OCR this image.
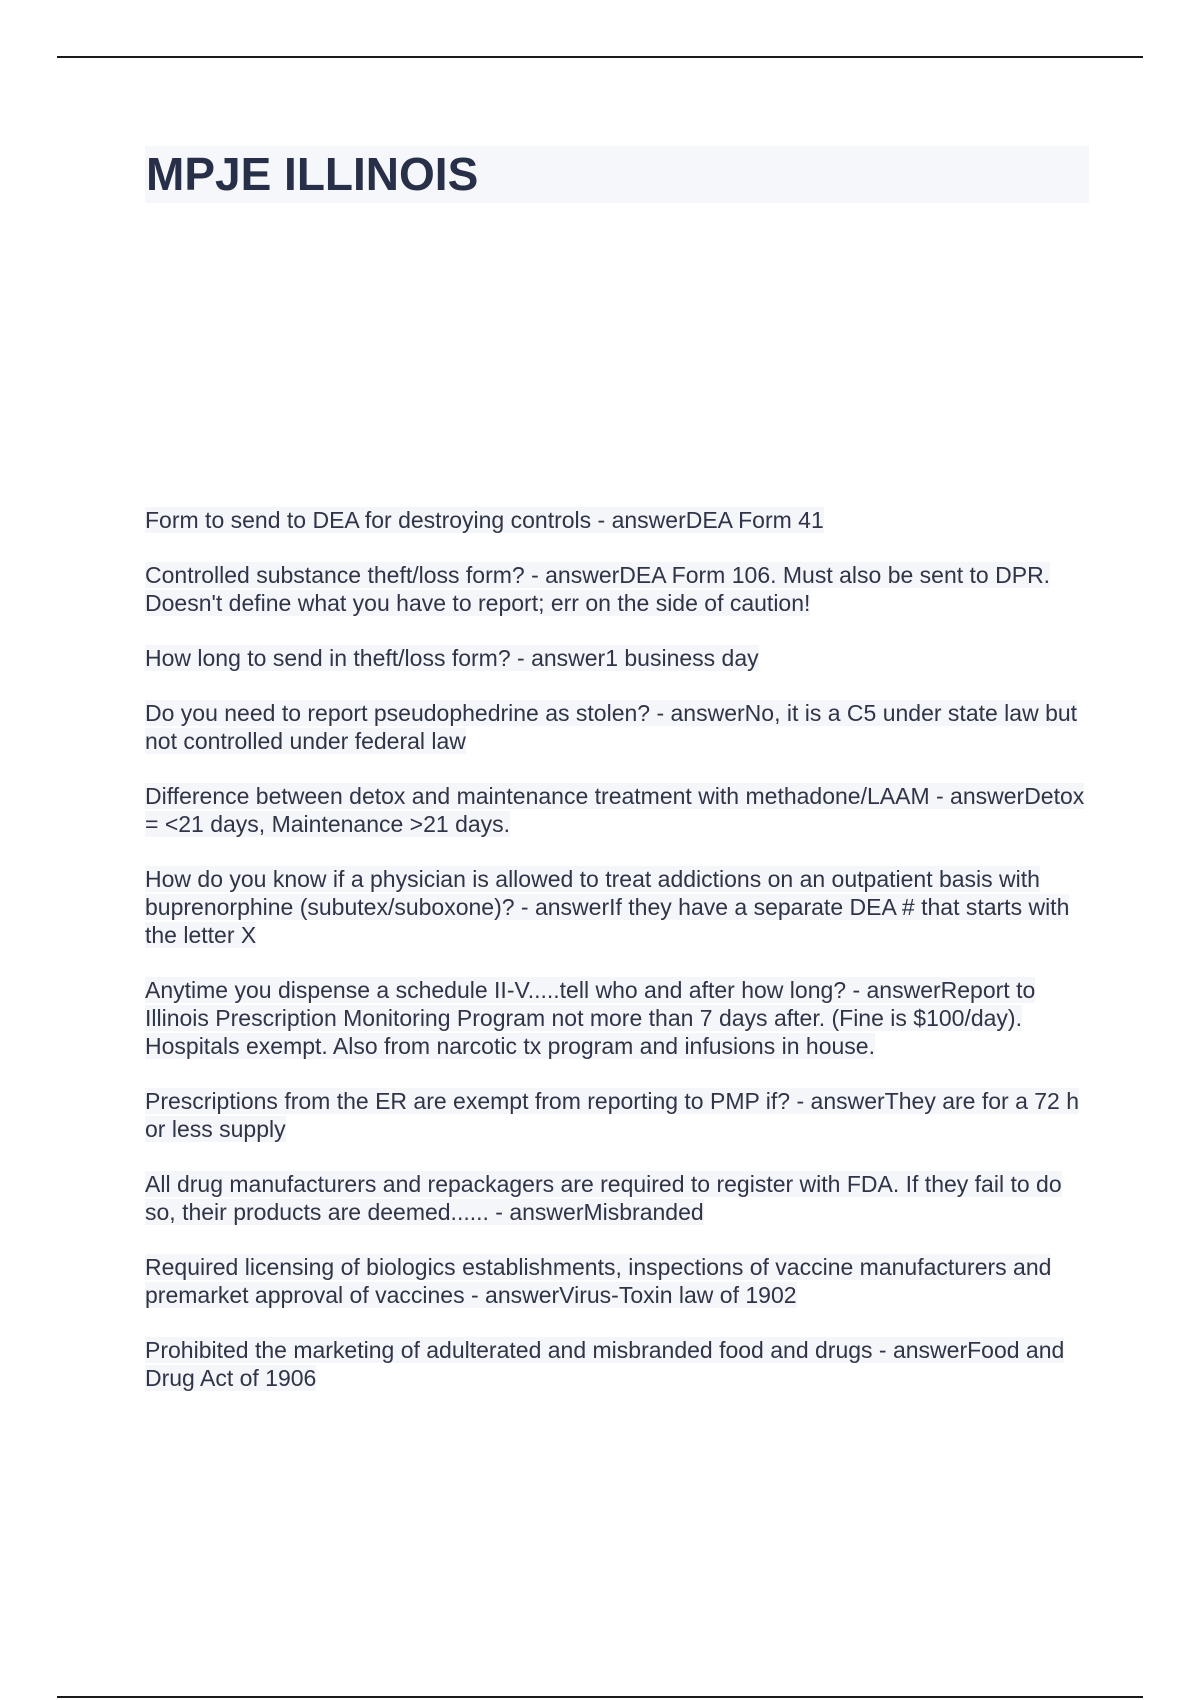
MPJE ILLINOIS

Form to send to DEA for destroying controls - answerDEA Form 41

Controlled substance theft/loss form? - answerDEA Form 106. Must also be sent to DPR. Doesn't define what you have to report; err on the side of caution!

How long to send in theft/loss form? - answer1 business day

Do you need to report pseudophedrine as stolen? - answerNo, it is a C5 under state law but not controlled under federal law

Difference between detox and maintenance treatment with methadone/LAAM - answerDetox = <21 days, Maintenance >21 days.

How do you know if a physician is allowed to treat addictions on an outpatient basis with buprenorphine (subutex/suboxone)? - answerIf they have a separate DEA # that starts with the letter X

Anytime you dispense a schedule II-V.....tell who and after how long? - answerReport to Illinois Prescription Monitoring Program not more than 7 days after. (Fine is $100/day). Hospitals exempt. Also from narcotic tx program and infusions in house.

Prescriptions from the ER are exempt from reporting to PMP if? - answerThey are for a 72 h or less supply

All drug manufacturers and repackagers are required to register with FDA. If they fail to do so, their products are deemed...... - answerMisbranded

Required licensing of biologics establishments, inspections of vaccine manufacturers and premarket approval of vaccines - answerVirus-Toxin law of 1902

Prohibited the marketing of adulterated and misbranded food and drugs - answerFood and Drug Act of 1906
